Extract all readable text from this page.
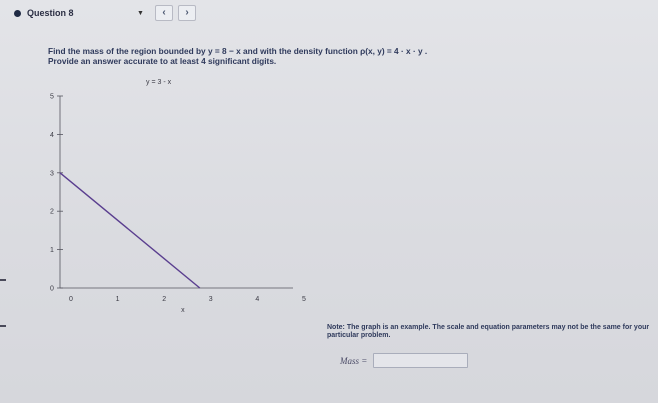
Question 8	▼	‹	›
Find the mass of the region bounded by y = 8 − x and with the density function ρ(x, y) = 4 · x · y .
Provide an answer accurate to at least 4 significant digits.
y = 3 - x
0
1
2
3
4
5
0	1	2	3	4	5
x
Note: The graph is an example. The scale and equation parameters may not be the same for your particular problem.
Mass =
